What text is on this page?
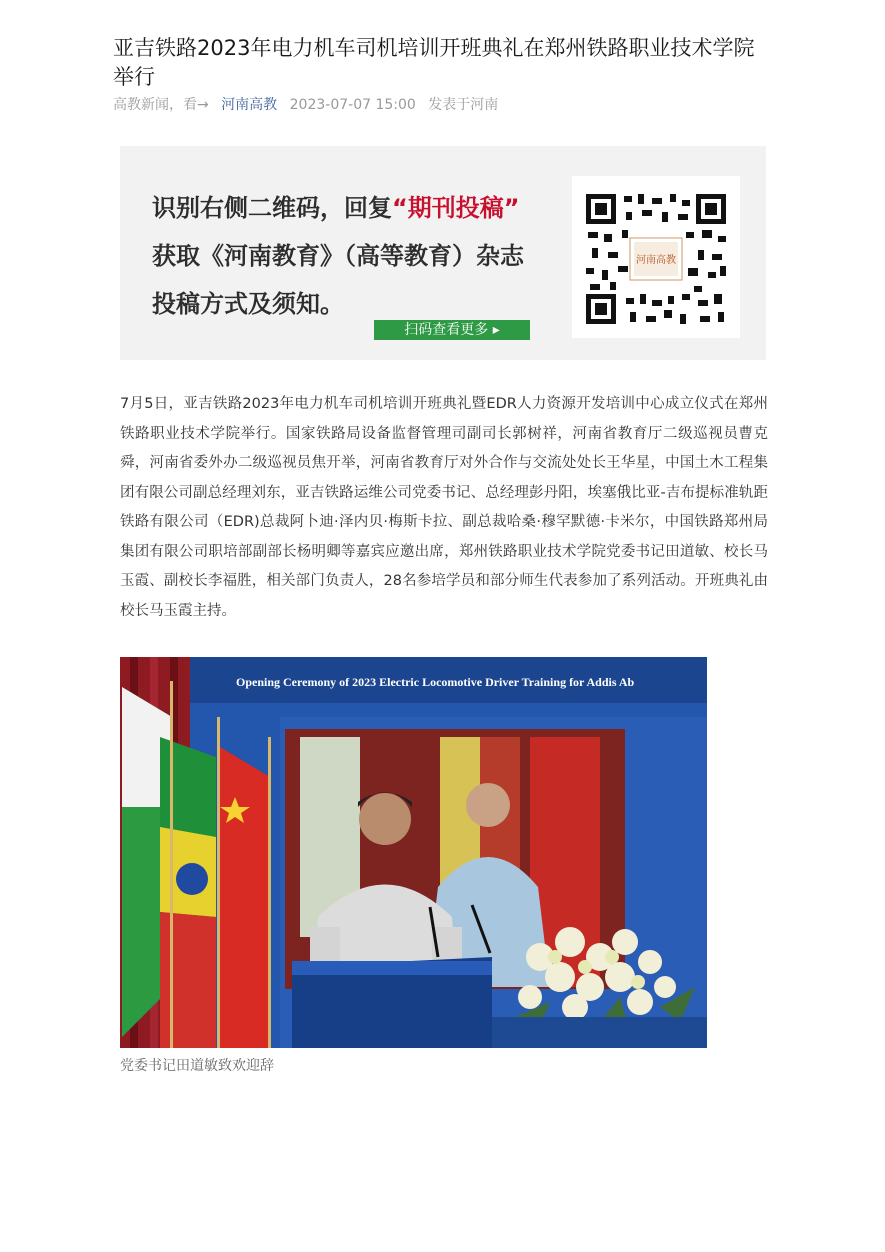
亚吉铁路2023年电力机车司机培训开班典礼在郑州铁路职业技术学院举行
高教新闻，看→ 河南高教 2023-07-07 15:00 发表于河南
识别右侧二维码，回复“期刊投稿”
获取《河南教育》（高等教育）杂志
投稿方式及须知。
扫码查看更多 ▸
河南高教
7月5日，亚吉铁路2023年电力机车司机培训开班典礼暨EDR人力资源开发培训中心成立仪式在郑州铁路职业技术学院举行。国家铁路局设备监督管理司副司长郭树祥，河南省教育厅二级巡视员曹克舜，河南省委外办二级巡视员焦开举，河南省教育厅对外合作与交流处处长王华星，中国土木工程集团有限公司副总经理刘东，亚吉铁路运维公司党委书记、总经理彭丹阳，埃塞俄比亚-吉布提标准轨距铁路有限公司（EDR)总裁阿卜迪·泽内贝·梅斯卡拉、副总裁哈桑·穆罕默德·卡米尔，中国铁路郑州局集团有限公司职培部副部长杨明卿等嘉宾应邀出席，郑州铁路职业技术学院党委书记田道敏、校长马玉霞、副校长李福胜，相关部门负责人，28名参培学员和部分师生代表参加了系列活动。开班典礼由校长马玉霞主持。
Opening Ceremony of 2023 Electric Locomotive Driver Training for Addis Ab
党委书记田道敏致欢迎辞
